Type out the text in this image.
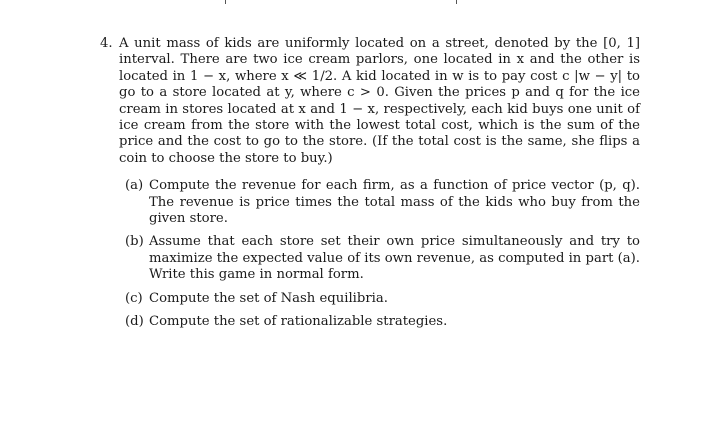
4. A unit mass of kids are uniformly located on a street, denoted by the [0, 1] interval. There are two ice cream parlors, one located in x and the other is located in 1 − x, where x ≪ 1/2. A kid located in w is to pay cost c |w − y| to go to a store located at y, where c > 0. Given the prices p and q for the ice cream in stores located at x and 1 − x, respectively, each kid buys one unit of ice cream from the store with the lowest total cost, which is the sum of the price and the cost to go to the store. (If the total cost is the same, she flips a coin to choose the store to buy.)
(a) Compute the revenue for each firm, as a function of price vector (p, q). The revenue is price times the total mass of the kids who buy from the given store.
(b) Assume that each store set their own price simultaneously and try to maximize the expected value of its own revenue, as computed in part (a). Write this game in normal form.
(c) Compute the set of Nash equilibria.
(d) Compute the set of rationalizable strategies.
